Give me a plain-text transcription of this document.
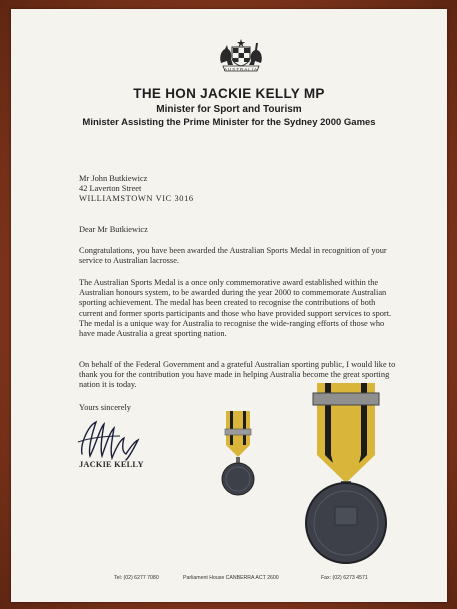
AUSTRALIA
THE HON JACKIE KELLY MP
Minister for Sport and Tourism
Minister Assisting the Prime Minister for the Sydney 2000 Games
Mr John Butkiewicz
42 Laverton Street
WILLIAMSTOWN VIC 3016
Dear Mr Butkiewicz
Congratulations, you have been awarded the Australian Sports Medal in recognition of your service to Australian lacrosse.
The Australian Sports Medal is a once only commemorative award established within the Australian honours system, to be awarded during the year 2000 to commemorate Australian sporting achievement. The medal has been created to recognise the contributions of both current and former sports participants and those who have provided support services to sport. The medal is a unique way for Australia to recognise the wide-ranging efforts of those who have made Australia a great sporting nation.
On behalf of the Federal Government and a grateful Australian sporting public, I would like to thank you for the contribution you have made in helping Australia become the great sporting nation it is today.
Yours sincerely
JACKIE KELLY
Tel: (02) 6277 7080	Parliament House CANBERRA ACT 2600	Fax: (02) 6273 4571
